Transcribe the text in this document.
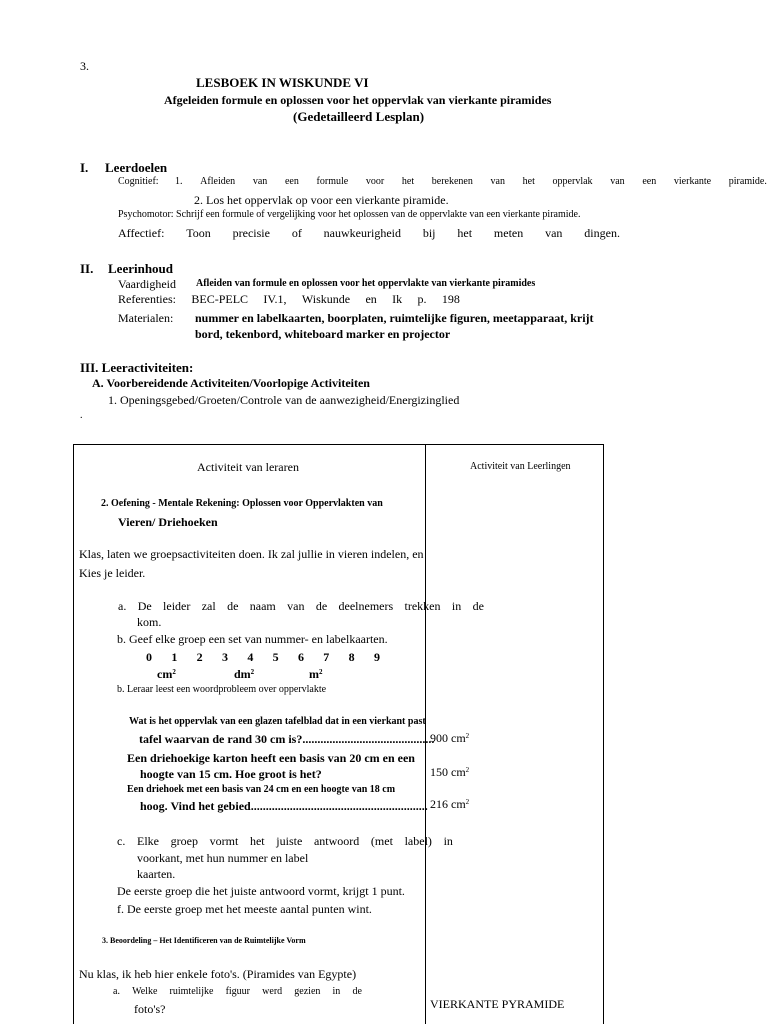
3.
LESBOEK IN WISKUNDE VI
Afgeleiden formule en oplossen voor het oppervlak van vierkante piramides
(Gedetailleerd Lesplan)
I. Leerdoelen
Cognitief: 1. Afleiden van een formule voor het berekenen van het oppervlak van een vierkante piramide.
2. Los het oppervlak op voor een vierkante piramide.
Psychomotor: Schrijf een formule of vergelijking voor het oplossen van de oppervlakte van een vierkante piramide.
Affectief: Toon precisie of nauwkeurigheid bij het meten van dingen.
II. Leerinhoud
Vaardigheid Afleiden van formule en oplossen voor het oppervlakte van vierkante piramides
Referenties: BEC-PELC IV.1, Wiskunde en Ik p. 198
Materialen: nummer en labelkaarten, boorplaten, ruimtelijke figuren, meetapparaat, krijt
bord, tekenbord, whiteboard marker en projector
III. Leeractiviteiten:
A. Voorbereidende Activiteiten/Voorlopige Activiteiten
1. Openingsgebed/Groeten/Controle van de aanwezigheid/Energizinglied
.
Activiteit van leraren	Activiteit van Leerlingen
2. Oefening - Mentale Rekening: Oplossen voor Oppervlakten van
Vieren/ Driehoeken
Klas, laten we groepsactiviteiten doen. Ik zal jullie in vieren indelen, en
Kies je leider.
a. De leider zal de naam van de deelnemers trekken in de
kom.
b. Geef elke groep een set van nummer- en labelkaarten.
0 1 2 3 4 5 6 7 8 9
$cm^2$	$dm^2$	$m^2$
b. Leraar leest een woordprobleem over oppervlakte
Wat is het oppervlak van een glazen tafelblad dat in een vierkant past
tafel waarvan de rand 30 cm is?............................................
900 $cm^2$
Een driehoekige karton heeft een basis van 20 cm en een
hoogte van 15 cm. Hoe groot is het?	150 $cm^2$
Een driehoek met een basis van 24 cm en een hoogte van 18 cm
hoog. Vind het gebied........................................................... 216 $cm^2$
c. Elke groep vormt het juiste antwoord (met label) in
voorkant, met hun nummer en label
kaarten.
De eerste groep die het juiste antwoord vormt, krijgt 1 punt.
f. De eerste groep met het meeste aantal punten wint.
3. Beoordeling – Het Identificeren van de Ruimtelijke Vorm
Nu klas, ik heb hier enkele foto's. (Piramides van Egypte)
a. Welke ruimtelijke figuur werd gezien in de
foto's?	VIERKANTE PYRAMIDE
